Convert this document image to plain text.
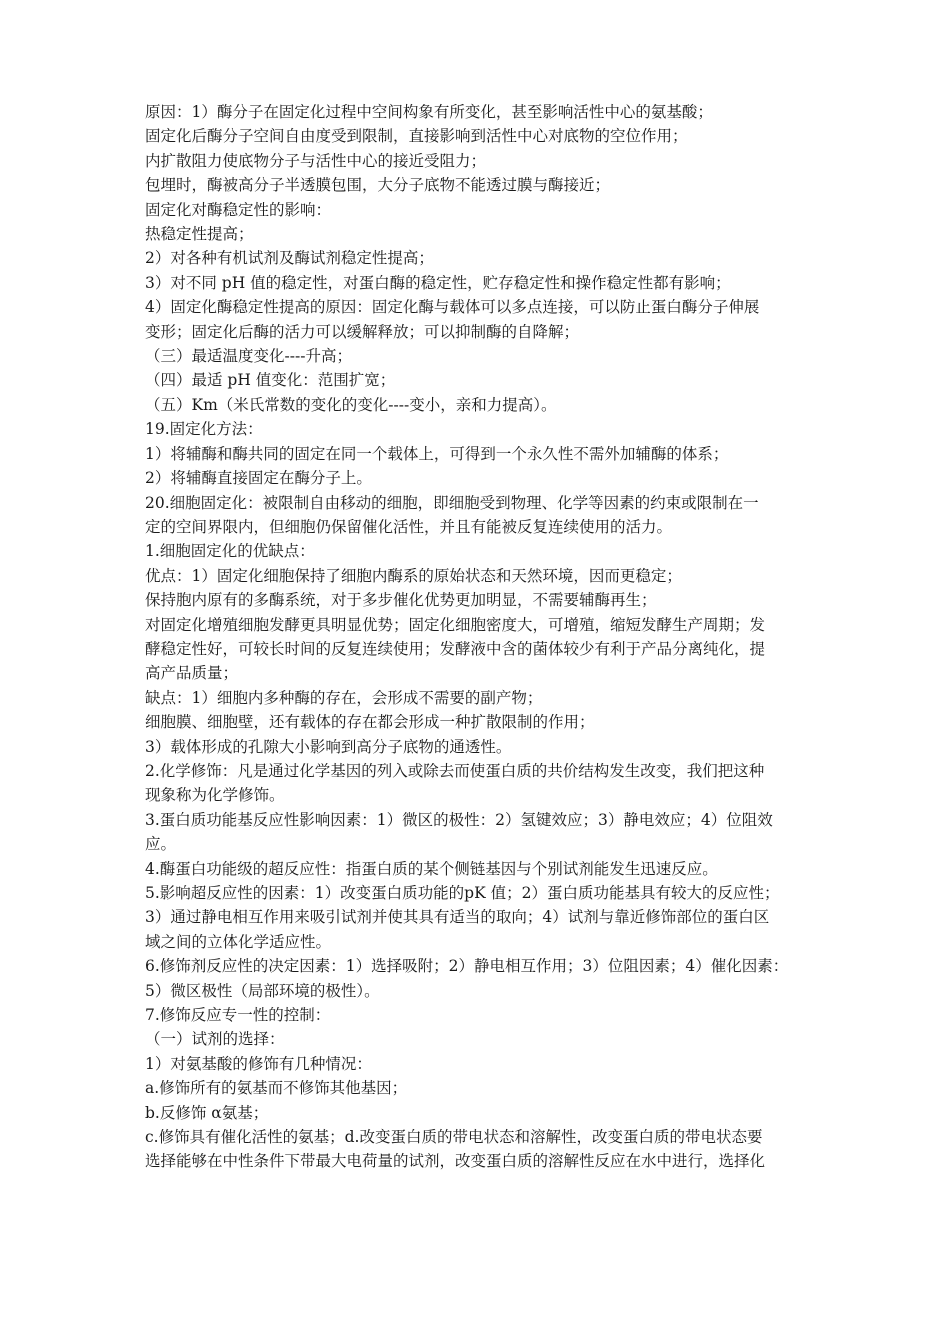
原因：1）酶分子在固定化过程中空间构象有所变化，甚至影响活性中心的氨基酸；
固定化后酶分子空间自由度受到限制，直接影响到活性中心对底物的空位作用；
内扩散阻力使底物分子与活性中心的接近受阻力；
包埋时，酶被高分子半透膜包围，大分子底物不能透过膜与酶接近；
固定化对酶稳定性的影响：
热稳定性提高；
2）对各种有机试剂及酶试剂稳定性提高；
3）对不同 pH 值的稳定性，对蛋白酶的稳定性，贮存稳定性和操作稳定性都有影响；
4）固定化酶稳定性提高的原因：固定化酶与载体可以多点连接，可以防止蛋白酶分子伸展
变形；固定化后酶的活力可以缓解释放；可以抑制酶的自降解；
（三）最适温度变化----升高；
（四）最适 pH 值变化：范围扩宽；
（五）Km（米氏常数的变化的变化----变小，亲和力提高）。
19.固定化方法：
1）将辅酶和酶共同的固定在同一个载体上，可得到一个永久性不需外加辅酶的体系；
2）将辅酶直接固定在酶分子上。
20.细胞固定化：被限制自由移动的细胞，即细胞受到物理、化学等因素的约束或限制在一
定的空间界限内，但细胞仍保留催化活性，并且有能被反复连续使用的活力。
1.细胞固定化的优缺点：
优点：1）固定化细胞保持了细胞内酶系的原始状态和天然环境，因而更稳定；
保持胞内原有的多酶系统，对于多步催化优势更加明显，不需要辅酶再生；
对固定化增殖细胞发酵更具明显优势；固定化细胞密度大，可增殖，缩短发酵生产周期；发
酵稳定性好，可较长时间的反复连续使用；发酵液中含的菌体较少有利于产品分离纯化，提
高产品质量；
缺点：1）细胞内多种酶的存在，会形成不需要的副产物；
细胞膜、细胞壁，还有载体的存在都会形成一种扩散限制的作用；
3）载体形成的孔隙大小影响到高分子底物的通透性。
2.化学修饰：凡是通过化学基因的列入或除去而使蛋白质的共价结构发生改变，我们把这种
现象称为化学修饰。
3.蛋白质功能基反应性影响因素：1）微区的极性：2）氢键效应；3）静电效应；4）位阻效
应。
4.酶蛋白功能级的超反应性：指蛋白质的某个侧链基因与个别试剂能发生迅速反应。
5.影响超反应性的因素：1）改变蛋白质功能的pK 值；2）蛋白质功能基具有较大的反应性；
3）通过静电相互作用来吸引试剂并使其具有适当的取向；4）试剂与靠近修饰部位的蛋白区
域之间的立体化学适应性。
6.修饰剂反应性的决定因素：1）选择吸附；2）静电相互作用；3）位阻因素；4）催化因素：
5）微区极性（局部环境的极性）。
7.修饰反应专一性的控制：
（一）试剂的选择：
1）对氨基酸的修饰有几种情况：
a.修饰所有的氨基而不修饰其他基因；
b.反修饰 α氨基；
c.修饰具有催化活性的氨基；d.改变蛋白质的带电状态和溶解性，改变蛋白质的带电状态要
选择能够在中性条件下带最大电荷量的试剂，改变蛋白质的溶解性反应在水中进行，选择化
